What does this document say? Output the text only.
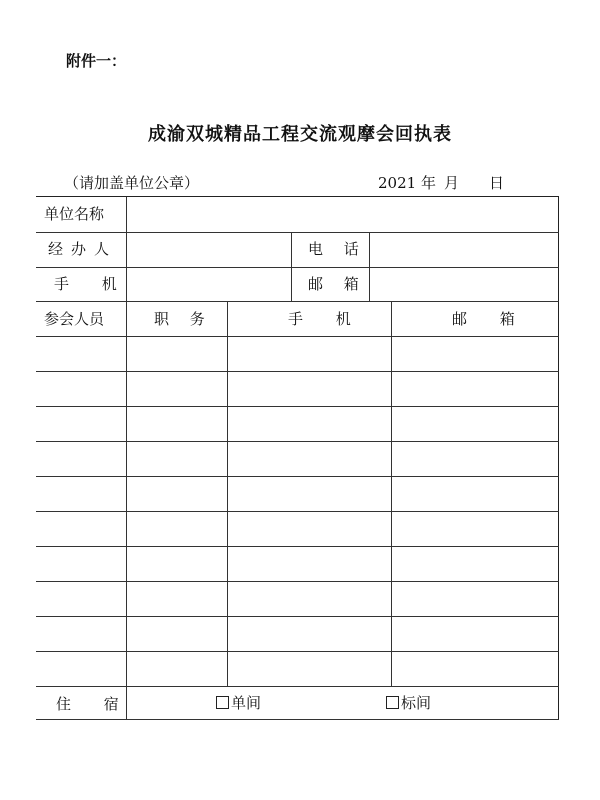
附件一：
成渝双城精品工程交流观摩会回执表
（请加盖单位公章）	2021 年 月 日
单位名称
经办人	电 话
手 机	邮 箱
参会人员	职 务	手 机	邮 箱
住 宿	单间	标间
